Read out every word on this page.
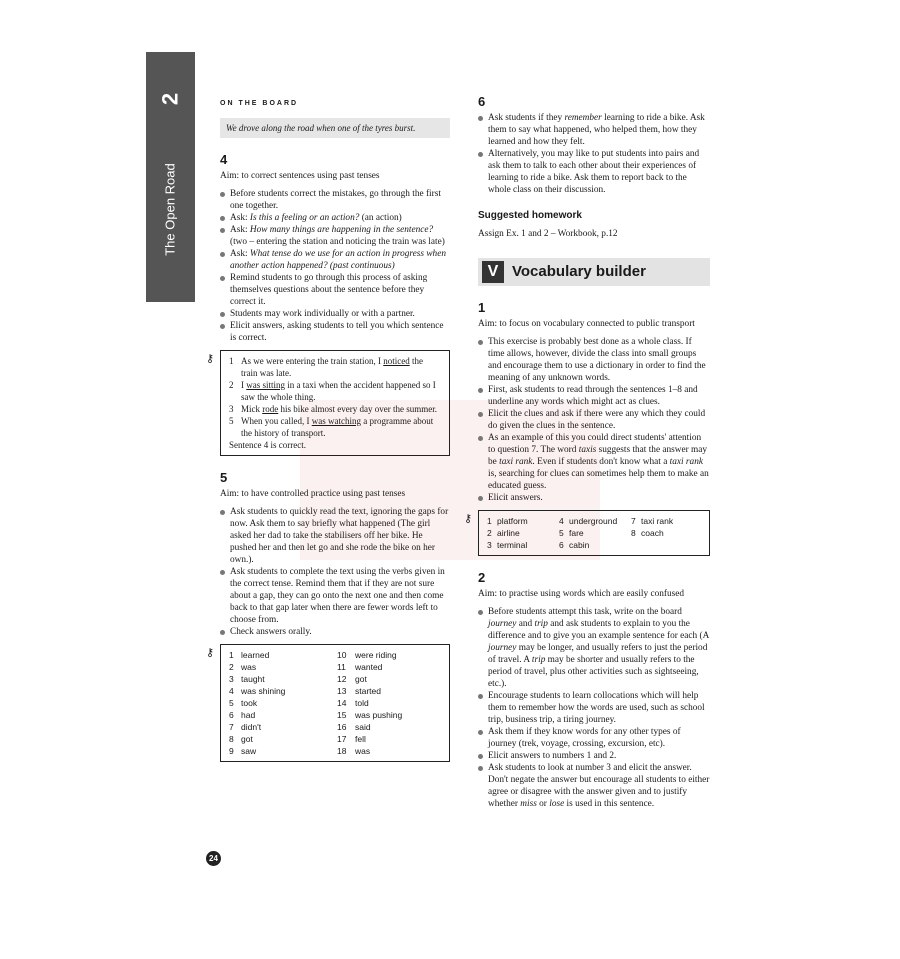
2
The Open Road
ON THE BOARD
We drove along the road when one of the tyres burst.
4
Aim: to correct sentences using past tenses
Before students correct the mistakes, go through the first one together.
Ask: Is this a feeling or an action? (an action)
Ask: How many things are happening in the sentence? (two – entering the station and noticing the train was late)
Ask: What tense do we use for an action in progress when another action happened? (past continuous)
Remind students to go through this process of asking themselves questions about the sentence before they correct it.
Students may work individually or with a partner.
Elicit answers, asking students to tell you which sentence is correct.
⚷ 1 As we were entering the train station, I noticed the train was late.
2 I was sitting in a taxi when the accident happened so I saw the whole thing.
3 Mick rode his bike almost every day over the summer.
5 When you called, I was watching a programme about the history of transport.
Sentence 4 is correct.
5
Aim: to have controlled practice using past tenses
Ask students to quickly read the text, ignoring the gaps for now. Ask them to say briefly what happened (The girl asked her dad to take the stabilisers off her bike. He pushed her and then let go and she rode the bike on her own.).
Ask students to complete the text using the verbs given in the correct tense. Remind them that if they are not sure about a gap, they can go onto the next one and then come back to that gap later when there are fewer words left to choose from.
Check answers orally.
⚷ 1 learned	10	were riding
2 was	11	wanted
3 taught	12	got
4 was shining	13	started
5 took	14	told
6 had	15	was pushing
7 didn't	16	said
8 got	17	fell
9 saw	18	was
6
Ask students if they remember learning to ride a bike. Ask them to say what happened, who helped them, how they learned and how they felt.
Alternatively, you may like to put students into pairs and ask them to talk to each other about their experiences of learning to ride a bike. Ask them to report back to the whole class on their discussion.
Suggested homework
Assign Ex. 1 and 2 – Workbook, p.12
V Vocabulary builder
1
Aim: to focus on vocabulary connected to public transport
This exercise is probably best done as a whole class. If time allows, however, divide the class into small groups and encourage them to use a dictionary in order to find the meaning of any unknown words.
First, ask students to read through the sentences 1–8 and underline any words which might act as clues.
Elicit the clues and ask if there were any which they could do given the clues in the sentence.
As an example of this you could direct students' attention to question 7. The word taxis suggests that the answer may be taxi rank. Even if students don't know what a taxi rank is, searching for clues can sometimes help them to make an educated guess.
Elicit answers.
⚷ 1 platform	4 underground 7 taxi rank
2 airline	5 fare	8 coach
3 terminal	6 cabin
2
Aim: to practise using words which are easily confused
Before students attempt this task, write on the board journey and trip and ask students to explain to you the difference and to give you an example sentence for each (A journey may be longer, and usually refers to just the period of travel. A trip may be shorter and usually refers to the period of travel, plus other activities such as sightseeing, etc.).
Encourage students to learn collocations which will help them to remember how the words are used, such as school trip, business trip, a tiring journey.
Ask them if they know words for any other types of journey (trek, voyage, crossing, excursion, etc).
Elicit answers to numbers 1 and 2.
Ask students to look at number 3 and elicit the answer. Don't negate the answer but encourage all students to either agree or disagree with the answer given and to justify whether miss or lose is used in this sentence.
24
